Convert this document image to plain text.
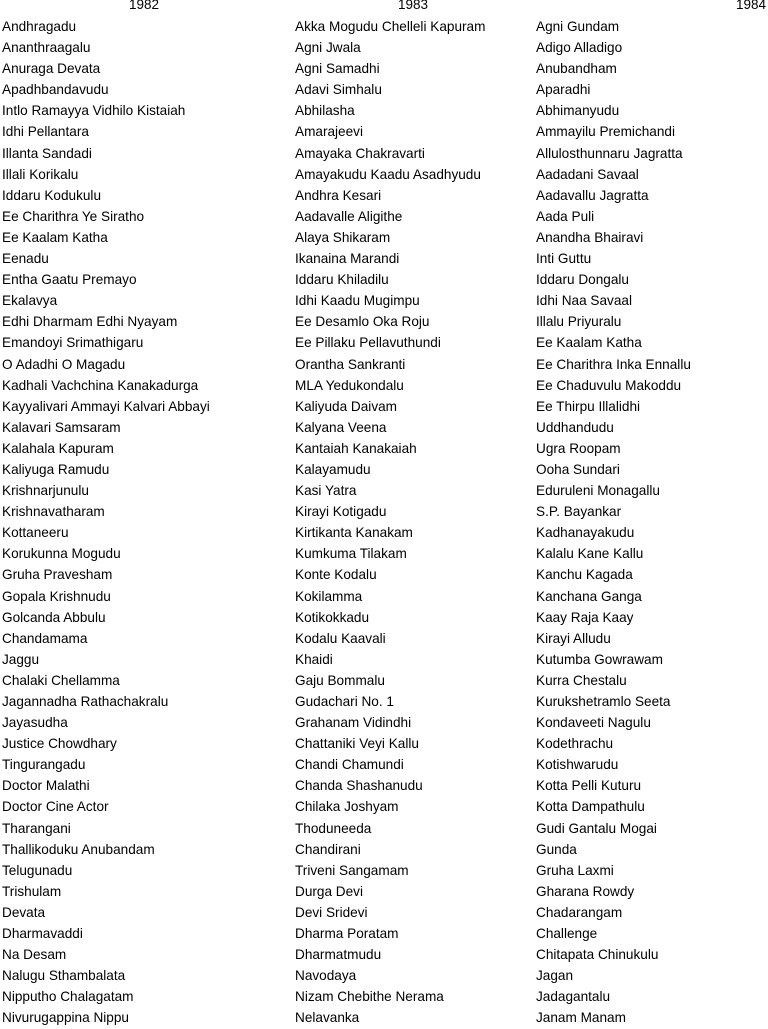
1982	1983	1984
Andhragadu
Ananthraagalu
Anuraga Devata
Apadhbandavudu
Intlo Ramayya Vidhilo Kistaiah
Idhi Pellantara
Illanta Sandadi
Illali Korikalu
Iddaru Kodukulu
Ee Charithra Ye Siratho
Ee Kaalam Katha
Eenadu
Entha Gaatu Premayo
Ekalavya
Edhi Dharmam Edhi Nyayam
Emandoyi Srimathigaru
O Adadhi O Magadu
Kadhali Vachchina Kanakadurga
Kayyalivari Ammayi Kalvari Abbayi
Kalavari Samsaram
Kalahala Kapuram
Kaliyuga Ramudu
Krishnarjunulu
Krishnavatharam
Kottaneeru
Korukunna Mogudu
Gruha Pravesham
Gopala Krishnudu
Golcanda Abbulu
Chandamama
Jaggu
Chalaki Chellamma
Jagannadha Rathachakralu
Jayasudha
Justice Chowdhary
Tingurangadu
Doctor Malathi
Doctor Cine Actor
Tharangani
Thallikoduku Anubandam
Telugunadu
Trishulam
Devata
Dharmavaddi
Na Desam
Nalugu Sthambalata
Nipputho Chalagatam
Nivurugappina Nippu
Akka Mogudu Chelleli Kapuram
Agni Jwala
Agni Samadhi
Adavi Simhalu
Abhilasha
Amarajeevi
Amayaka Chakravarti
Amayakudu Kaadu Asadhyudu
Andhra Kesari
Aadavalle Aligithe
Alaya Shikaram
Ikanaina Marandi
Iddaru Khiladilu
Idhi Kaadu Mugimpu
Ee Desamlo Oka Roju
Ee Pillaku Pellavuthundi
Orantha Sankranti
MLA Yedukondalu
Kaliyuda Daivam
Kalyana Veena
Kantaiah Kanakaiah
Kalayamudu
Kasi Yatra
Kirayi Kotigadu
Kirtikanta Kanakam
Kumkuma Tilakam
Konte Kodalu
Kokilamma
Kotikokkadu
Kodalu Kaavali
Khaidi
Gaju Bommalu
Gudachari No. 1
Grahanam Vidindhi
Chattaniki Veyi Kallu
Chandi Chamundi
Chanda Shashanudu
Chilaka Joshyam
Thoduneeda
Chandirani
Triveni Sangamam
Durga Devi
Devi Sridevi
Dharma Poratam
Dharmatmudu
Navodaya
Nizam Chebithe Nerama
Nelavanka
Agni Gundam
Adigo Alladigo
Anubandham
Aparadhi
Abhimanyudu
Ammayilu Premichandi
Allulosthunnaru Jagratta
Aadadani Savaal
Aadavallu Jagratta
Aada Puli
Anandha Bhairavi
Inti Guttu
Iddaru Dongalu
Idhi Naa Savaal
Illalu Priyuralu
Ee Kaalam Katha
Ee Charithra Inka Ennallu
Ee Chaduvulu Makoddu
Ee Thirpu Illalidhi
Uddhandudu
Ugra Roopam
Ooha Sundari
Eduruleni Monagallu
S.P. Bayankar
Kadhanayakudu
Kalalu Kane Kallu
Kanchu Kagada
Kanchana Ganga
Kaay Raja Kaay
Kirayi Alludu
Kutumba Gowrawam
Kurra Chestalu
Kurukshetramlo Seeta
Kondaveeti Nagulu
Kodethrachu
Kotishwarudu
Kotta Pelli Kuturu
Kotta Dampathulu
Gudi Gantalu Mogai
Gunda
Gruha Laxmi
Gharana Rowdy
Chadarangam
Challenge
Chitapata Chinukulu
Jagan
Jadagantalu
Janam Manam
